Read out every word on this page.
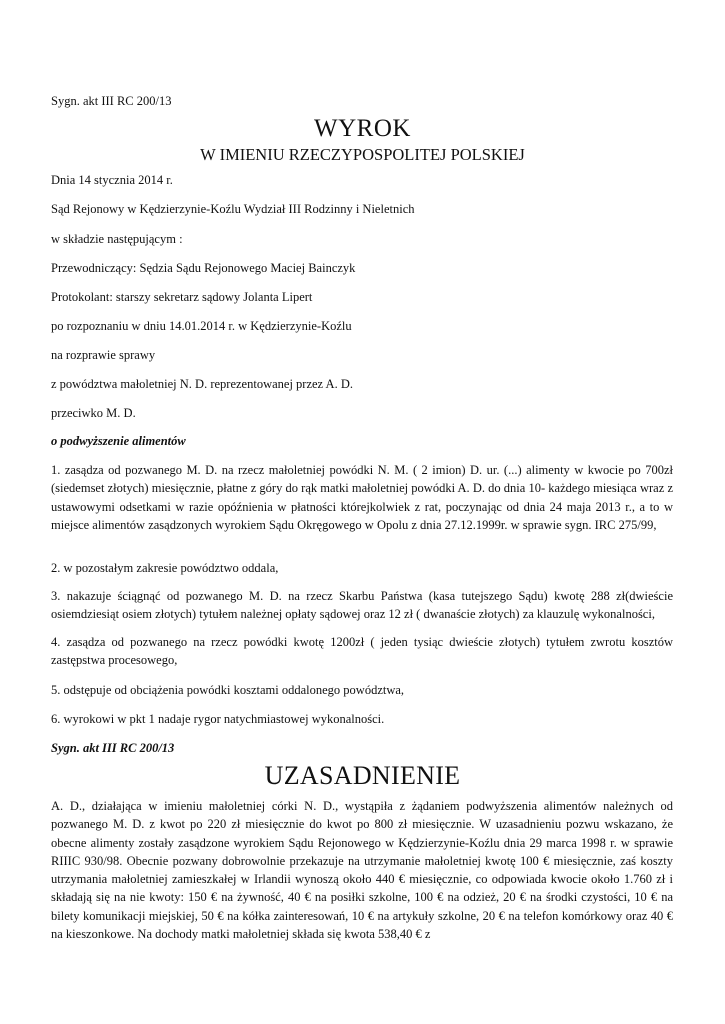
Sygn. akt III RC 200/13
WYROK
W IMIENIU RZECZYPOSPOLITEJ POLSKIEJ
Dnia 14 stycznia 2014 r.
Sąd Rejonowy w Kędzierzynie-Koźlu Wydział III Rodzinny i Nieletnich
w składzie następującym :
Przewodniczący: Sędzia Sądu Rejonowego Maciej Bainczyk
Protokolant: starszy sekretarz sądowy Jolanta Lipert
po rozpoznaniu w dniu 14.01.2014 r. w Kędzierzynie-Koźlu
na rozprawie sprawy
z powództwa małoletniej N. D. reprezentowanej przez A. D.
przeciwko M. D.
o podwyższenie alimentów
1. zasądza od pozwanego M. D. na rzecz małoletniej powódki N. M. ( 2 imion) D. ur. (...) alimenty w kwocie po 700zł (siedemset złotych) miesięcznie, płatne z góry do rąk matki małoletniej powódki A. D. do dnia 10- każdego miesiąca wraz z ustawowymi odsetkami w razie opóźnienia w płatności którejkolwiek z rat, poczynając od dnia 24 maja 2013 r., a to w miejsce alimentów zasądzonych wyrokiem Sądu Okręgowego w Opolu z dnia 27.12.1999r. w sprawie sygn. IRC 275/99,
2. w pozostałym zakresie powództwo oddala,
3. nakazuje ściągnąć od pozwanego M. D. na rzecz Skarbu Państwa (kasa tutejszego Sądu) kwotę 288 zł(dwieście osiemdziesiąt osiem złotych) tytułem należnej opłaty sądowej oraz 12 zł ( dwanaście złotych) za klauzulę wykonalności,
4. zasądza od pozwanego na rzecz powódki kwotę 1200zł ( jeden tysiąc dwieście złotych) tytułem zwrotu kosztów zastępstwa procesowego,
5. odstępuje od obciążenia powódki kosztami oddalonego powództwa,
6. wyrokowi w pkt 1 nadaje rygor natychmiastowej wykonalności.
Sygn. akt III RC 200/13
UZASADNIENIE
A. D., działająca w imieniu małoletniej córki N. D., wystąpiła z żądaniem podwyższenia alimentów należnych od pozwanego M. D. z kwot po 220 zł miesięcznie do kwot po 800 zł miesięcznie. W uzasadnieniu pozwu wskazano, że obecne alimenty zostały zasądzone wyrokiem Sądu Rejonowego w Kędzierzynie-Koźlu dnia 29 marca 1998 r. w sprawie RIIIC 930/98. Obecnie pozwany dobrowolnie przekazuje na utrzymanie małoletniej kwotę 100 € miesięcznie, zaś koszty utrzymania małoletniej zamieszkałej w Irlandii wynoszą około 440 € miesięcznie, co odpowiada kwocie około 1.760 zł i składają się na nie kwoty: 150 € na żywność, 40 € na posiłki szkolne, 100 € na odzież, 20 € na środki czystości, 10 € na bilety komunikacji miejskiej, 50 € na kółka zainteresowań, 10 € na artykuły szkolne, 20 € na telefon komórkowy oraz 40 € na kieszonkowe. Na dochody matki małoletniej składa się kwota 538,40 € z
